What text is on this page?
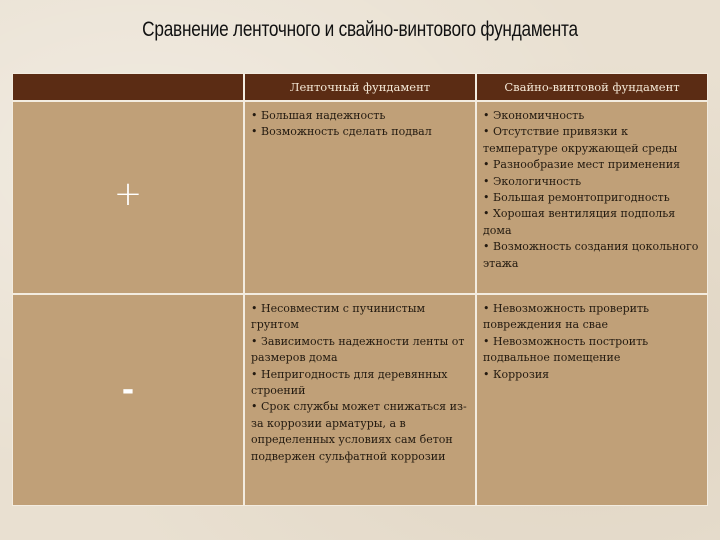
Сравнение ленточного и свайно-винтового фундамента
Ленточный фундамент	Свайно-винтовой фундамент
+
• Большая надежность
• Возможность сделать подвал
• Экономичность
• Отсутствие привязки к температуре окружающей среды
• Разнообразие мест применения
• Экологичность
• Большая ремонтопригодность
• Хорошая вентиляция подполья дома
• Возможность создания цокольного этажа
-
• Несовместим с пучинистым грунтом
• Зависимость надежности ленты от размеров дома
• Непригодность для деревянных строений
• Срок службы может снижаться из-за коррозии арматуры, а в определенных условиях сам бетон подвержен сульфатной коррозии
• Невозможность проверить повреждения на свае
• Невозможность построить подвальное помещение
• Коррозия
